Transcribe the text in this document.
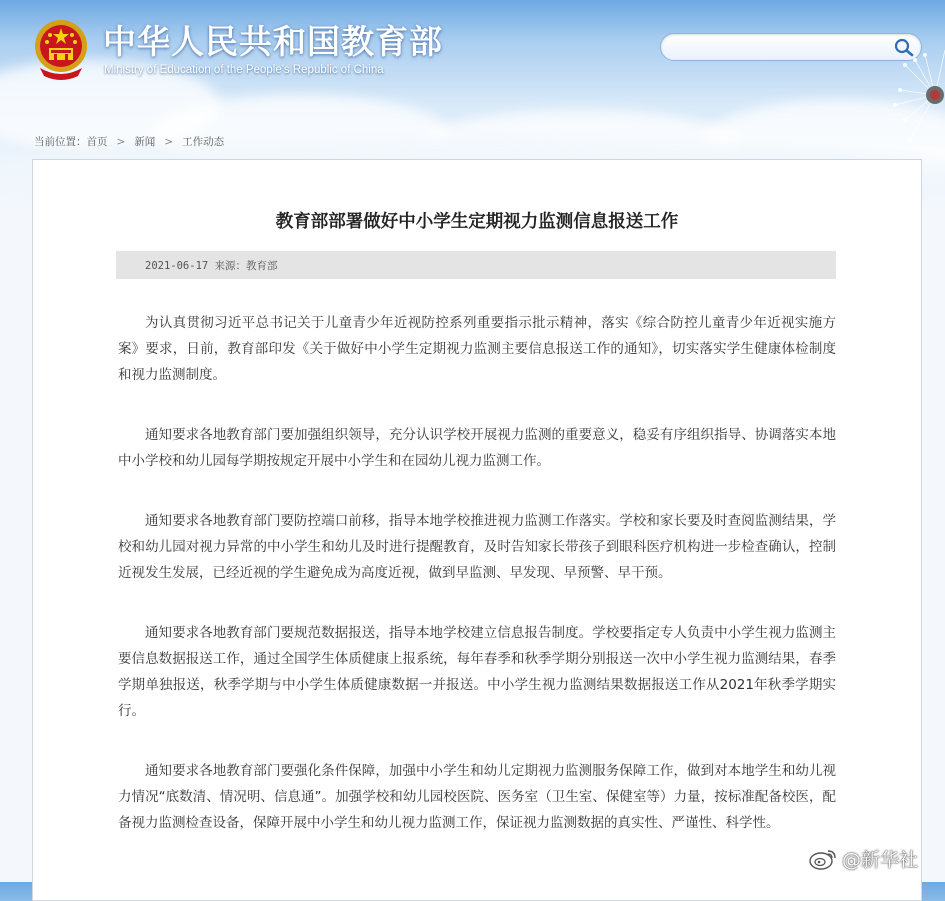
中华人民共和国教育部
Ministry of Education of the People's Republic of China
当前位置：首页 > 新闻 > 工作动态
教育部部署做好中小学生定期视力监测信息报送工作
2021-06-17 来源：教育部

为认真贯彻习近平总书记关于儿童青少年近视防控系列重要指示批示精神，落实《综合防控儿童青少年近视实施方案》要求，日前，教育部印发《关于做好中小学生定期视力监测主要信息报送工作的通知》，切实落实学生健康体检制度和视力监测制度。

通知要求各地教育部门要加强组织领导，充分认识学校开展视力监测的重要意义，稳妥有序组织指导、协调落实本地中小学校和幼儿园每学期按规定开展中小学生和在园幼儿视力监测工作。

通知要求各地教育部门要防控端口前移，指导本地学校推进视力监测工作落实。学校和家长要及时查阅监测结果，学校和幼儿园对视力异常的中小学生和幼儿及时进行提醒教育，及时告知家长带孩子到眼科医疗机构进一步检查确认，控制近视发生发展，已经近视的学生避免成为高度近视，做到早监测、早发现、早预警、早干预。

通知要求各地教育部门要规范数据报送，指导本地学校建立信息报告制度。学校要指定专人负责中小学生视力监测主要信息数据报送工作，通过全国学生体质健康上报系统，每年春季和秋季学期分别报送一次中小学生视力监测结果，春季学期单独报送，秋季学期与中小学生体质健康数据一并报送。中小学生视力监测结果数据报送工作从2021年秋季学期实行。

通知要求各地教育部门要强化条件保障，加强中小学生和幼儿定期视力监测服务保障工作，做到对本地学生和幼儿视力情况“底数清、情况明、信息通”。加强学校和幼儿园校医院、医务室（卫生室、保健室等）力量，按标准配备校医，配备视力监测检查设备，保障开展中小学生和幼儿视力监测工作，保证视力监测数据的真实性、严谨性、科学性。

@新华社
